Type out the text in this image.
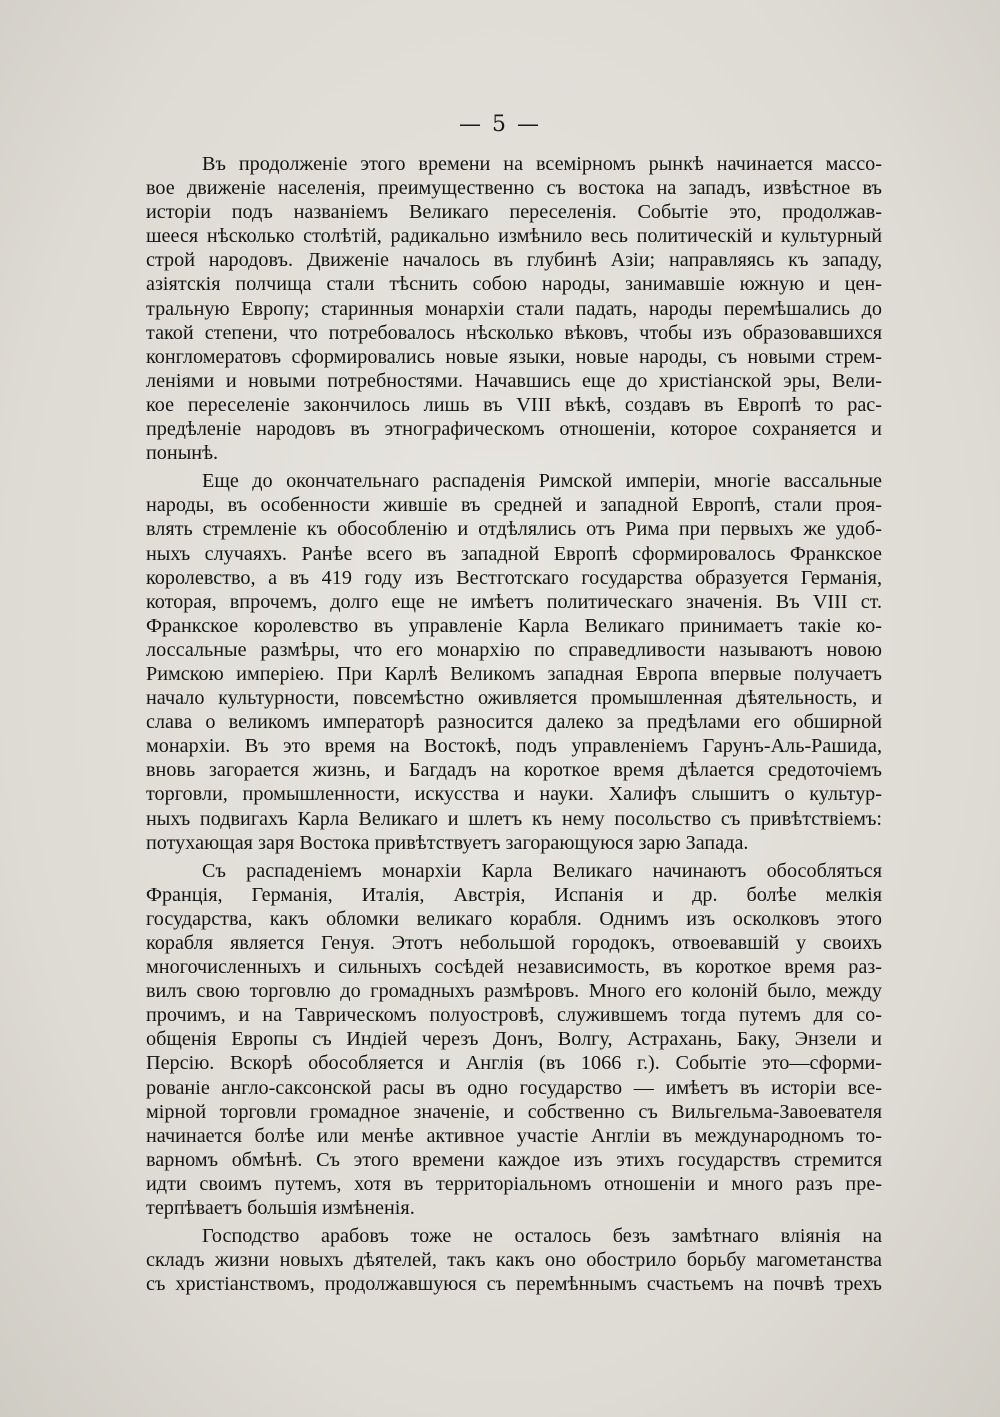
— 5 —
Въ продолженіе этого времени на всемірномъ рынкѣ начинается массо-
вое движеніе населенія, преимущественно съ востока на западъ, извѣстное въ
исторіи подъ названіемъ Великаго переселенія. Событіе это, продолжав-
шееся нѣсколько столѣтій, радикально измѣнило весь политическій и культурный
строй народовъ. Движеніе началось въ глубинѣ Азіи; направляясь къ западу,
азіятскія полчища стали тѣснить собою народы, занимавшіе южную и цен-
тральную Европу; старинныя монархіи стали падать, народы перемѣшались до
такой степени, что потребовалось нѣсколько вѣковъ, чтобы изъ образовавшихся
конгломератовъ сформировались новые языки, новые народы, съ новыми стрем-
леніями и новыми потребностями. Начавшись еще до христіанской эры, Вели-
кое переселеніе закончилось лишь въ VIII вѣкѣ, создавъ въ Европѣ то рас-
предѣленіе народовъ въ этнографическомъ отношеніи, которое сохраняется и
понынѣ.
Еще до окончательнаго распаденія Римской имперіи, многіе вассальные
народы, въ особенности жившіе въ средней и западной Европѣ, стали проя-
влять стремленіе къ обособленію и отдѣлялись отъ Рима при первыхъ же удоб-
ныхъ случаяхъ. Ранѣе всего въ западной Европѣ сформировалось Франкское
королевство, а въ 419 году изъ Вестготскаго государства образуется Германія,
которая, впрочемъ, долго еще не имѣетъ политическаго значенія. Въ VIII ст.
Франкское королевство въ управленіе Карла Великаго принимаетъ такіе ко-
лоссальные размѣры, что его монархію по справедливости называютъ новою
Римскою имперіею. При Карлѣ Великомъ западная Европа впервые получаетъ
начало культурности, повсемѣстно оживляется промышленная дѣятельность, и
слава о великомъ императорѣ разносится далеко за предѣлами его обширной
монархіи. Въ это время на Востокѣ, подъ управленіемъ Гарунъ-Аль-Рашида,
вновь загорается жизнь, и Багдадъ на короткое время дѣлается средоточіемъ
торговли, промышленности, искусства и науки. Халифъ слышитъ о культур-
ныхъ подвигахъ Карла Великаго и шлетъ къ нему посольство съ привѣтствіемъ:
потухающая заря Востока привѣтствуетъ загорающуюся зарю Запада.
Съ распаденіемъ монархіи Карла Великаго начинаютъ обособляться
Франція, Германія, Италія, Австрія, Испанія и др. болѣе мелкія
государства, какъ обломки великаго корабля. Однимъ изъ осколковъ этого
корабля является Генуя. Этотъ небольшой городокъ, отвоевавшій у своихъ
многочисленныхъ и сильныхъ сосѣдей независимость, въ короткое время раз-
вилъ свою торговлю до громадныхъ размѣровъ. Много его колоній было, между
прочимъ, и на Таврическомъ полуостровѣ, служившемъ тогда путемъ для со-
общенія Европы съ Индіей черезъ Донъ, Волгу, Астрахань, Баку, Энзели и
Персію. Вскорѣ обособляется и Англія (въ 1066 г.). Событіе это—сформи-
рованіе англо-саксонской расы въ одно государство — имѣетъ въ исторіи все-
мірной торговли громадное значеніе, и собственно съ Вильгельма-Завоевателя
начинается болѣе или менѣе активное участіе Англіи въ международномъ то-
варномъ обмѣнѣ. Съ этого времени каждое изъ этихъ государствъ стремится
идти своимъ путемъ, хотя въ территоріальномъ отношеніи и много разъ пре-
терпѣваетъ большія измѣненія.
Господство арабовъ тоже не осталось безъ замѣтнаго вліянія на
складъ жизни новыхъ дѣятелей, такъ какъ оно обострило борьбу магометанства
съ христіанствомъ, продолжавшуюся съ перемѣннымъ счастьемъ на почвѣ трехъ
